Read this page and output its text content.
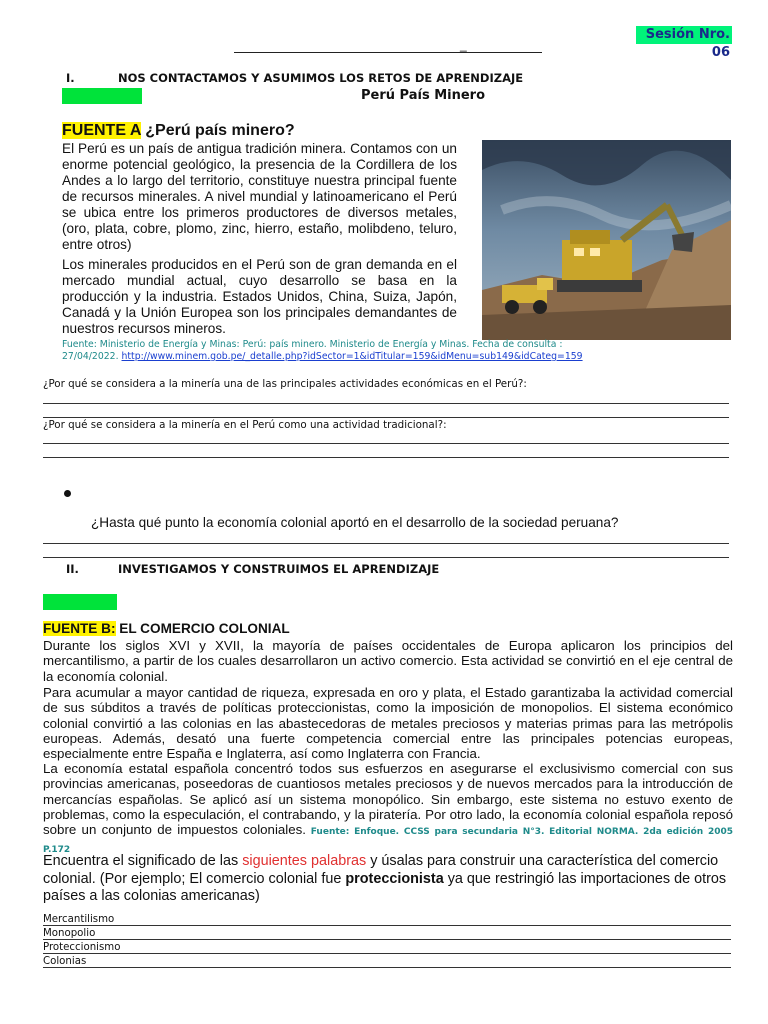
Sesión Nro. 06
_
I.	NOS CONTACTAMOS Y ASUMIMOS LOS RETOS DE APRENDIZAJE
Perú País Minero
FUENTE A ¿Perú país minero?
El Perú es un país de antigua tradición minera. Contamos con un enorme potencial geológico, la presencia de la Cordillera de los Andes a lo largo del territorio, constituye nuestra principal fuente de recursos minerales. A nivel mundial y latinoamericano el Perú se ubica entre los primeros productores de diversos metales, (oro, plata, cobre, plomo, zinc, hierro, estaño, molibdeno, teluro, entre otros)
Los minerales producidos en el Perú son de gran demanda en el mercado mundial actual, cuyo desarrollo se basa en la producción y la industria. Estados Unidos, China, Suiza, Japón, Canadá y la Unión Europea son los principales demandantes de nuestros recursos mineros.
Fuente: Ministerio de Energía y Minas: Perú: país minero. Ministerio de Energía y Minas. Fecha de consulta : 27/04/2022. http://www.minem.gob.pe/_detalle.php?idSector=1&idTitular=159&idMenu=sub149&idCateg=159
¿Por qué se considera a la minería una de las principales actividades económicas en el Perú?:
¿Por qué se considera a la minería en el Perú como una actividad tradicional?:
¿Hasta qué punto la economía colonial aportó en el desarrollo de la sociedad peruana?
II.	INVESTIGAMOS Y CONSTRUIMOS EL APRENDIZAJE
FUENTE B: EL COMERCIO COLONIAL
Durante los siglos XVI y XVII, la mayoría de países occidentales de Europa aplicaron los principios del mercantilismo, a partir de los cuales desarrollaron un activo comercio. Esta actividad se convirtió en el eje central de la economía colonial.
Para acumular a mayor cantidad de riqueza, expresada en oro y plata, el Estado garantizaba la actividad comercial de sus súbditos a través de políticas proteccionistas, como la imposición de monopolios. El sistema económico colonial convirtió a las colonias en las abastecedoras de metales preciosos y materias primas para las metrópolis europeas. Además, desató una fuerte competencia comercial entre las principales potencias europeas, especialmente entre España e Inglaterra, así como Inglaterra con Francia.
La economía estatal española concentró todos sus esfuerzos en asegurarse el exclusivismo comercial con sus provincias americanas, poseedoras de cuantiosos metales preciosos y de nuevos mercados para la introducción de mercancías españolas. Se aplicó así un sistema monopólico. Sin embargo, este sistema no estuvo exento de problemas, como la especulación, el contrabando, y la piratería. Por otro lado, la economía colonial española reposó sobre un conjunto de impuestos coloniales. Fuente: Enfoque. CCSS para secundaria N°3. Editorial NORMA. 2da edición 2005 P.172
Encuentra el significado de las siguientes palabras y úsalas para construir una característica del comercio colonial. (Por ejemplo; El comercio colonial fue proteccionista ya que restringió las importaciones de otros países a las colonias americanas)
Mercantilismo
Monopolio
Proteccionismo
Colonias
